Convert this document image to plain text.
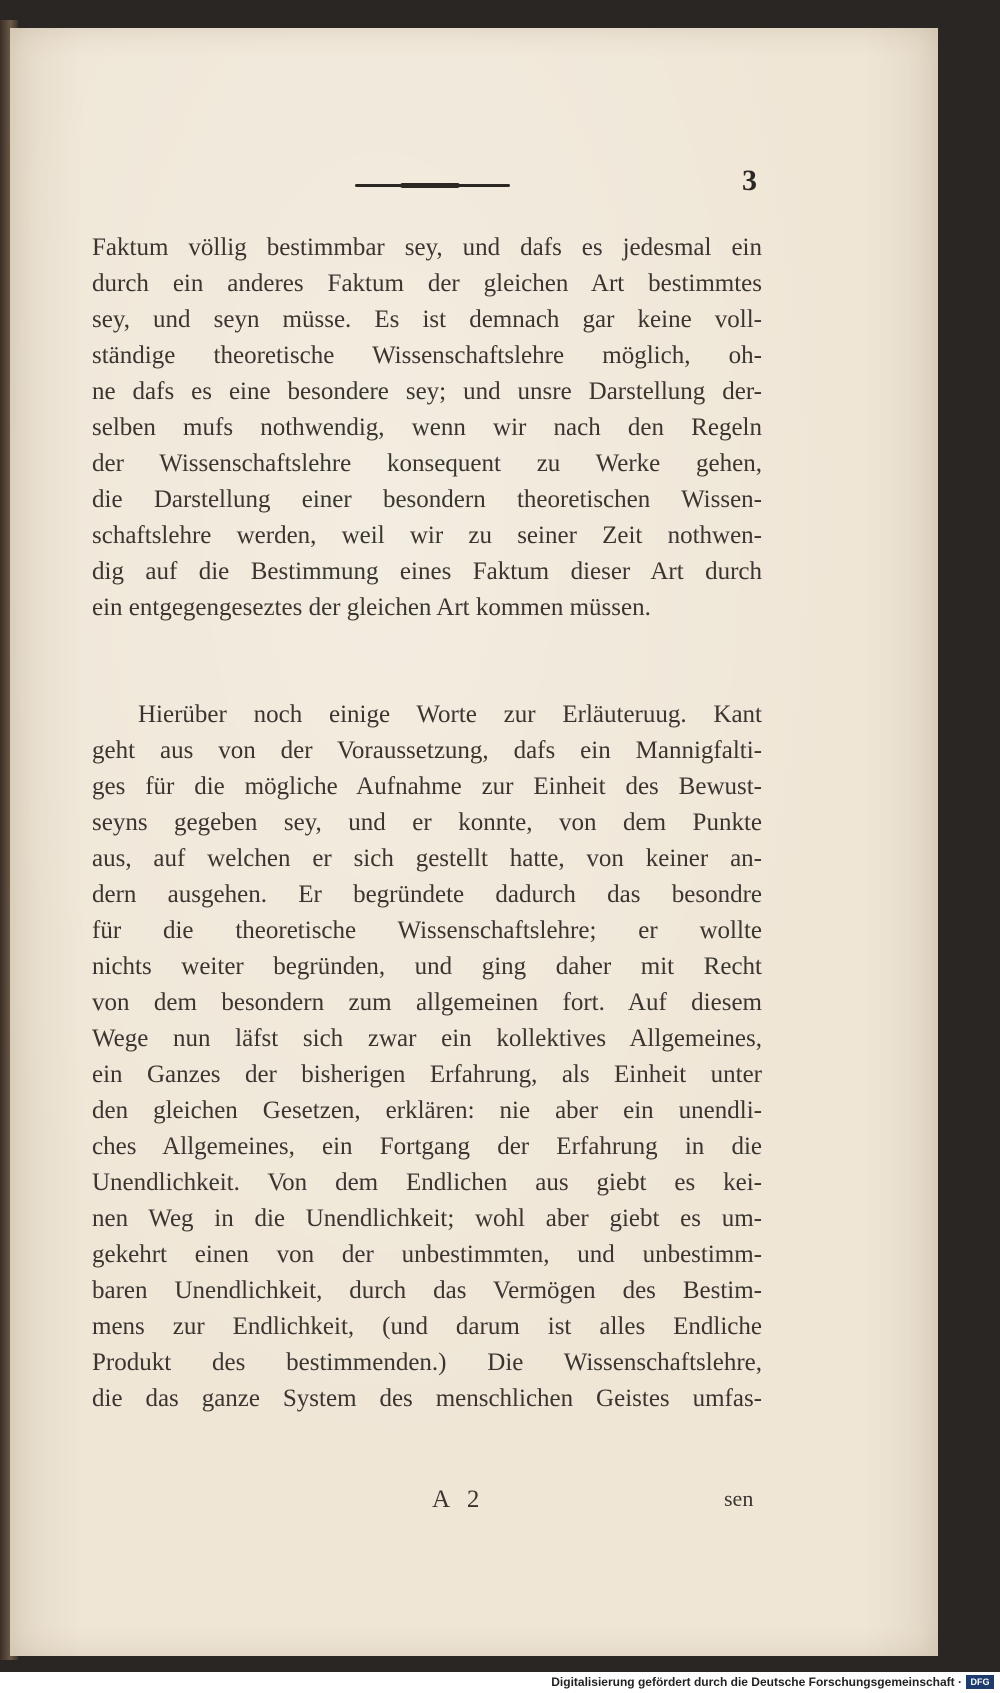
3
Faktum völlig bestimmbar sey, und dafs es jedesmal ein
durch ein anderes Faktum der gleichen Art bestimmtes
sey, und seyn müsse. Es ist demnach gar keine voll-
ständige theoretische Wissenschaftslehre möglich, oh-
ne dafs es eine besondere sey; und unsre Darstellung der-
selben mufs nothwendig, wenn wir nach den Regeln
der Wissenschaftslehre konsequent zu Werke gehen,
die Darstellung einer besondern theoretischen Wissen-
schaftslehre werden, weil wir zu seiner Zeit nothwen-
dig auf die Bestimmung eines Faktum dieser Art durch
ein entgegengeseztes der gleichen Art kommen müssen.
Hierüber noch einige Worte zur Erläuteruug. Kant
geht aus von der Voraussetzung, dafs ein Mannigfalti-
ges für die mögliche Aufnahme zur Einheit des Bewust-
seyns gegeben sey, und er konnte, von dem Punkte
aus, auf welchen er sich gestellt hatte, von keiner an-
dern ausgehen. Er begründete dadurch das besondre
für die theoretische Wissenschaftslehre; er wollte
nichts weiter begründen, und ging daher mit Recht
von dem besondern zum allgemeinen fort. Auf diesem
Wege nun läfst sich zwar ein kollektives Allgemeines,
ein Ganzes der bisherigen Erfahrung, als Einheit unter
den gleichen Gesetzen, erklären: nie aber ein unendli-
ches Allgemeines, ein Fortgang der Erfahrung in die
Unendlichkeit. Von dem Endlichen aus giebt es kei-
nen Weg in die Unendlichkeit; wohl aber giebt es um-
gekehrt einen von der unbestimmten, und unbestimm-
baren Unendlichkeit, durch das Vermögen des Bestim-
mens zur Endlichkeit, (und darum ist alles Endliche
Produkt des bestimmenden.) Die Wissenschaftslehre,
die das ganze System des menschlichen Geistes umfas-
A 2	sen
Digitalisierung gefördert durch die Deutsche Forschungsgemeinschaft · DFG
